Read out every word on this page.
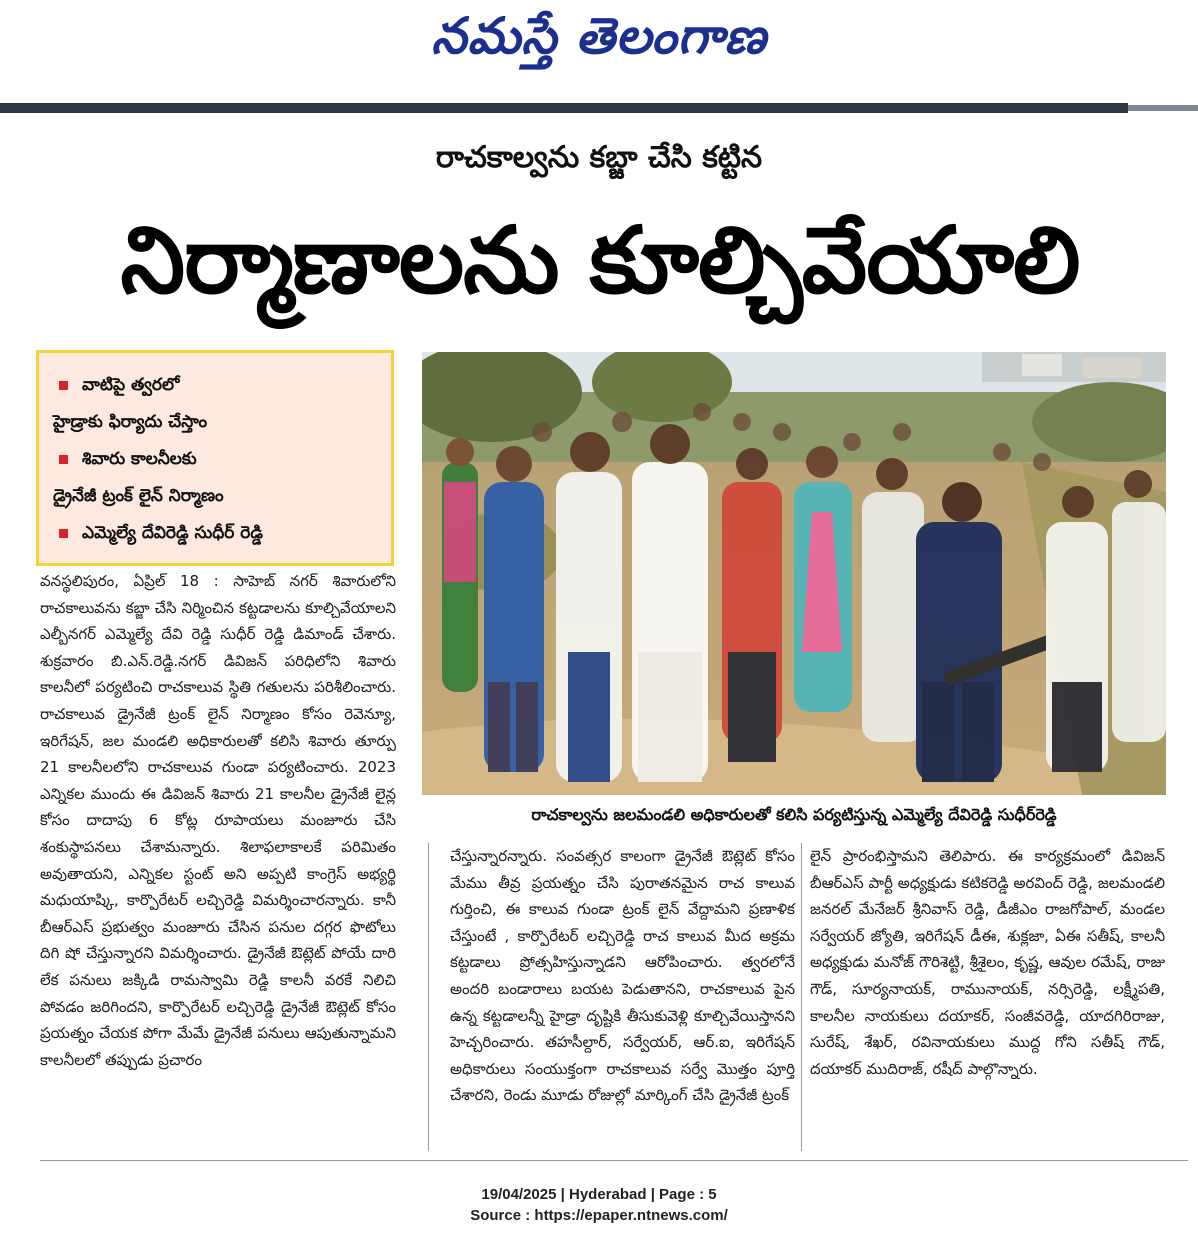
నమస్తే తెలంగాణ
రాచకాల్వను కబ్జా చేసి కట్టిన
నిర్మాణాలను కూల్చివేయాలి
వాటిపై త్వరలో
హైడ్రాకు ఫిర్యాదు చేస్తాం
శివారు కాలనీలకు
డ్రైనేజీ ట్రంక్ లైన్ నిర్మాణం
ఎమ్మెల్యే దేవిరెడ్డి సుధీర్ రెడ్డి
రాచకాల్వను జలమండలి అధికారులతో కలిసి పర్యటిస్తున్న ఎమ్మెల్యే దేవిరెడ్డి సుధీర్‌రెడ్డి

వనస్థలిపురం, ఏప్రిల్ 18 : సాహెబ్ నగర్ శివారులోని రాచకాలువను కబ్జా చేసి నిర్మించిన కట్టడాలను కూల్చివేయాలని ఎల్బీనగర్ ఎమ్మెల్యే దేవి రెడ్డి సుధీర్ రెడ్డి డిమాండ్ చేశారు. శుక్రవారం బి.ఎన్.రెడ్డి.నగర్ డివిజన్ పరిధిలోని శివారు కాలనీలో పర్యటించి రాచకాలువ స్థితి గతులను పరిశీలించారు. రాచకాలువ డ్రైనేజీ ట్రంక్ లైన్ నిర్మాణం కోసం రెవెన్యూ, ఇరిగేషన్, జల మండలి అధికారులతో కలిసి శివారు తూర్పు 21 కాలనీలలోని రాచకాలువ గుండా పర్యటించారు. 2023 ఎన్నికల ముందు ఈ డివిజన్ శివారు 21 కాలనీల డ్రైనేజీ లైన్ల కోసం దాదాపు 6 కోట్ల రూపాయలు మంజూరు చేసి శంకుస్థాపనలు చేశామన్నారు. శిలాఫలాకాలకే పరిమితం అవుతాయని, ఎన్నికల స్టంట్ అని అప్పటి కాంగ్రెస్ అభ్యర్థి మధుయాష్కి, కార్పొరేటర్ లచ్చిరెడ్డి విమర్శించారన్నారు. కానీ బీఆర్ఎస్ ప్రభుత్వం మంజూరు చేసిన పనుల దగ్గర ఫొటోలు దిగి షో చేస్తున్నారని విమర్శించారు. డ్రైనేజీ ఔట్లెట్ పోయే దారి లేక పనులు జక్కిడి రామస్వామి రెడ్డి కాలనీ వరకే నిలిచి పోవడం జరిగిందని, కార్పొరేటర్ లచ్చిరెడ్డి డ్రైనేజీ ఔట్లెట్ కోసం ప్రయత్నం చేయక పోగా మేమే డ్రైనేజీ పనులు ఆపుతున్నామని కాలనీలలో తప్పుడు ప్రచారం

చేస్తున్నారన్నారు. సంవత్సర కాలంగా డ్రైనేజీ ఔట్లెట్ కోసం మేము తీవ్ర ప్రయత్నం చేసి పురాతనమైన రాచ కాలువ గుర్తించి, ఈ కాలువ గుండా ట్రంక్ లైన్ వేద్దామని ప్రణాళిక చేస్తుంటే , కార్పొరేటర్ లచ్చిరెడ్డి రాచ కాలువ మీద అక్రమ కట్టడాలు ప్రోత్సహిస్తున్నాడని ఆరోపించారు. త్వరలోనే అందరి బండారాలు బయట పెడుతానని, రాచకాలువ పైన ఉన్న కట్టడాలన్నీ హైడ్రా దృష్టికి తీసుకువెళ్లి కూల్చివేయిస్తానని హెచ్చరించారు. తహసీల్దార్, సర్వేయర్, ఆర్.ఐ, ఇరిగేషన్ అధికారులు సంయుక్తంగా రాచకాలువ సర్వే మొత్తం పూర్తి చేశారని, రెండు మూడు రోజుల్లో మార్కింగ్ చేసి డ్రైనేజీ ట్రంక్

లైన్ ప్రారంభిస్తామని తెలిపారు. ఈ కార్యక్రమంలో డివిజన్ బీఆర్ఎస్ పార్టీ అధ్యక్షుడు కటికరెడ్డి అరవింద్ రెడ్డి, జలమండలి జనరల్ మేనేజర్ శ్రీనివాస్ రెడ్డి, డీజీఎం రాజగోపాల్, మండల సర్వేయర్ జ్యోతి, ఇరిగేషన్ డీఈ, శుక్లజా, ఏఈ సతీష్, కాలనీ అధ్యక్షుడు మనోజ్ గౌరిశెట్టి, శ్రీశైలం, కృష్ణ, ఆవుల రమేష్, రాజు గౌడ్, సూర్యనాయక్, రామునాయక్, నర్సిరెడ్డి, లక్ష్మీపతి, కాలనీల నాయకులు దయాకర్, సంజీవరెడ్డి, యాదగిరిరాజు, సురేష్, శేఖర్, రవినాయకులు ముద్ద గోని సతీష్ గౌడ్, దయాకర్ ముదిరాజ్, రషీద్ పాల్గొన్నారు.

19/04/2025 | Hyderabad | Page : 5
Source : https://epaper.ntnews.com/
